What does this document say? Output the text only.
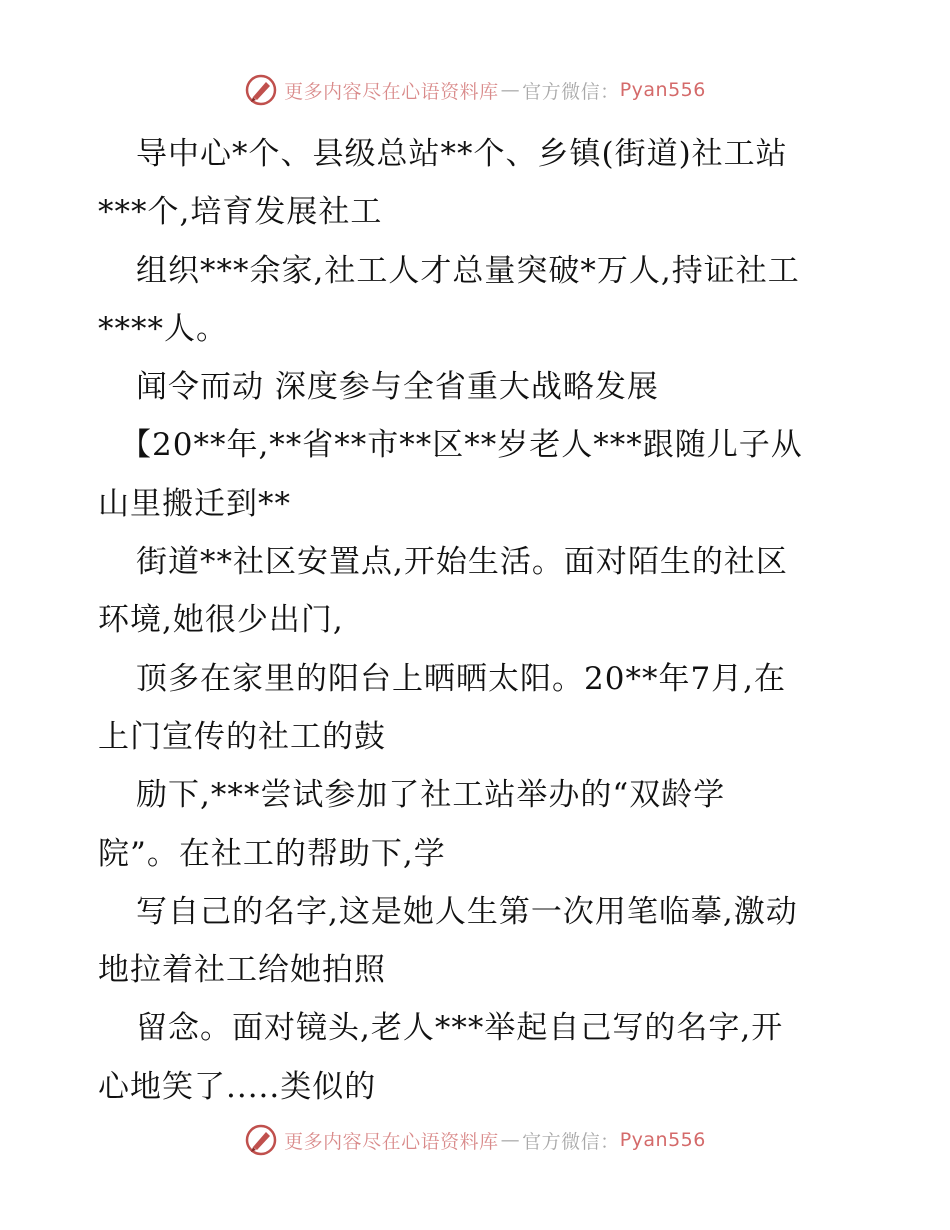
更多内容尽在心语资料库 — 官方微信： Pyan556
导中心*个、县级总站**个、乡镇(街道)社工站
***个,培育发展社工
组织***余家,社工人才总量突破*万人,持证社工
****人。
闻令而动 深度参与全省重大战略发展
【20**年,**省**市**区**岁老人***跟随儿子从
山里搬迁到**
街道**社区安置点,开始生活。面对陌生的社区
环境,她很少出门,
顶多在家里的阳台上晒晒太阳。20**年7月,在
上门宣传的社工的鼓
励下,***尝试参加了社工站举办的“双龄学
院”。在社工的帮助下,学
写自己的名字,这是她人生第一次用笔临摹,激动
地拉着社工给她拍照
留念。面对镜头,老人***举起自己写的名字,开
心地笑了.....类似的
更多内容尽在心语资料库 — 官方微信： Pyan556
